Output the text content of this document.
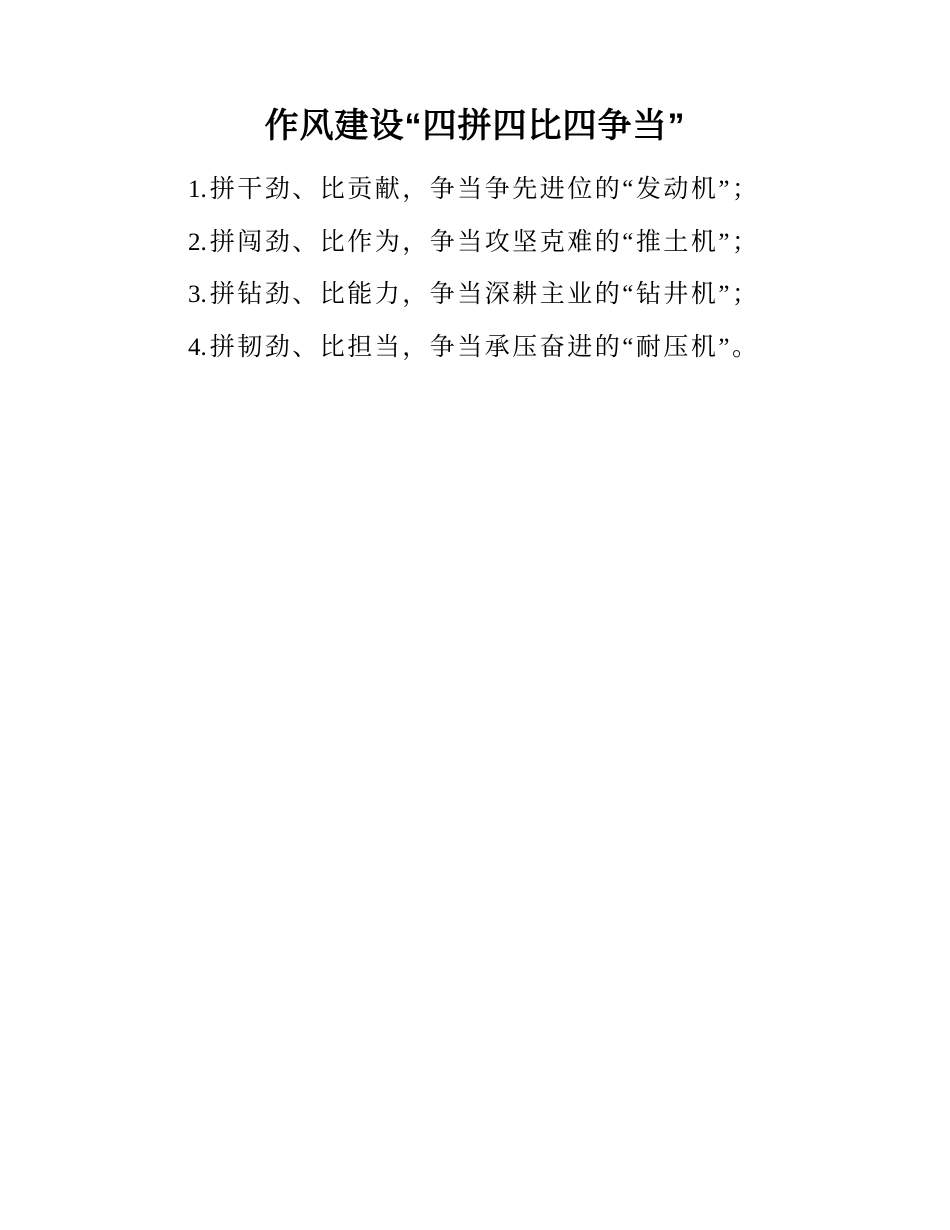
作风建设“四拼四比四争当”

1. 拼干劲、比贡献，争当争先进位的“发动机”；

2. 拼闯劲、比作为，争当攻坚克难的“推土机”；

3. 拼钻劲、比能力，争当深耕主业的“钻井机”；

4. 拼韧劲、比担当，争当承压奋进的“耐压机”。
